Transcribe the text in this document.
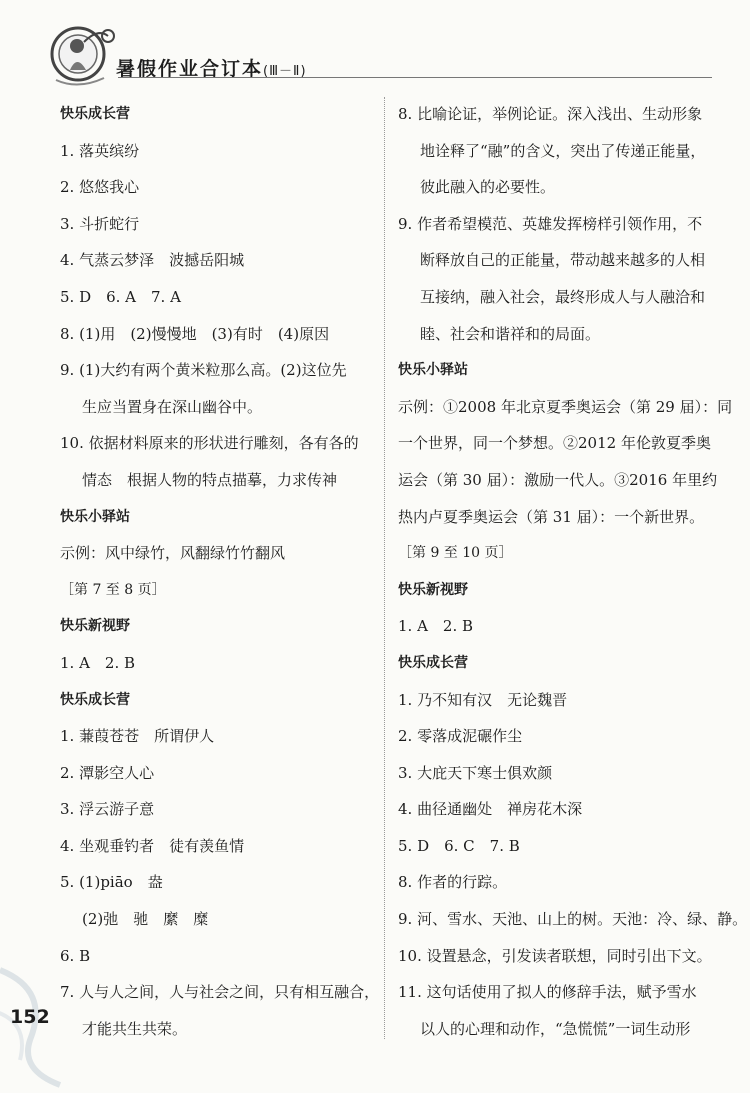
暑假作业合订本(Ⅲ－Ⅱ)
快乐成长营
1. 落英缤纷
2. 悠悠我心
3. 斗折蛇行
4. 气蒸云梦泽　波撼岳阳城
5. D　6. A　7. A
8. (1)用　(2)慢慢地　(3)有时　(4)原因
9. (1)大约有两个黄米粒那么高。(2)这位先
生应当置身在深山幽谷中。
10. 依据材料原来的形状进行雕刻，各有各的
情态　根据人物的特点描摹，力求传神
快乐小驿站
示例：风中绿竹，风翻绿竹竹翻风
［第 7 至 8 页］
快乐新视野
1. A　2. B
快乐成长营
1. 蒹葭苍苍　所谓伊人
2. 潭影空人心
3. 浮云游子意
4. 坐观垂钓者　徒有羡鱼情
5. (1)piāo　盎
(2)弛　驰　縻　糜
6. B
7. 人与人之间，人与社会之间，只有相互融合，
才能共生共荣。
8. 比喻论证，举例论证。深入浅出、生动形象
地诠释了“融”的含义，突出了传递正能量，
彼此融入的必要性。
9. 作者希望模范、英雄发挥榜样引领作用，不
断释放自己的正能量，带动越来越多的人相
互接纳，融入社会，最终形成人与人融洽和
睦、社会和谐祥和的局面。
快乐小驿站
示例：①2008 年北京夏季奥运会（第 29 届）：同
一个世界，同一个梦想。②2012 年伦敦夏季奥
运会（第 30 届）：激励一代人。③2016 年里约
热内卢夏季奥运会（第 31 届）：一个新世界。
［第 9 至 10 页］
快乐新视野
1. A　2. B
快乐成长营
1. 乃不知有汉　无论魏晋
2. 零落成泥碾作尘
3. 大庇天下寒士俱欢颜
4. 曲径通幽处　禅房花木深
5. D　6. C　7. B
8. 作者的行踪。
9. 河、雪水、天池、山上的树。天池：冷、绿、静。
10. 设置悬念，引发读者联想，同时引出下文。
11. 这句话使用了拟人的修辞手法，赋予雪水
以人的心理和动作，“急慌慌”一词生动形
152
